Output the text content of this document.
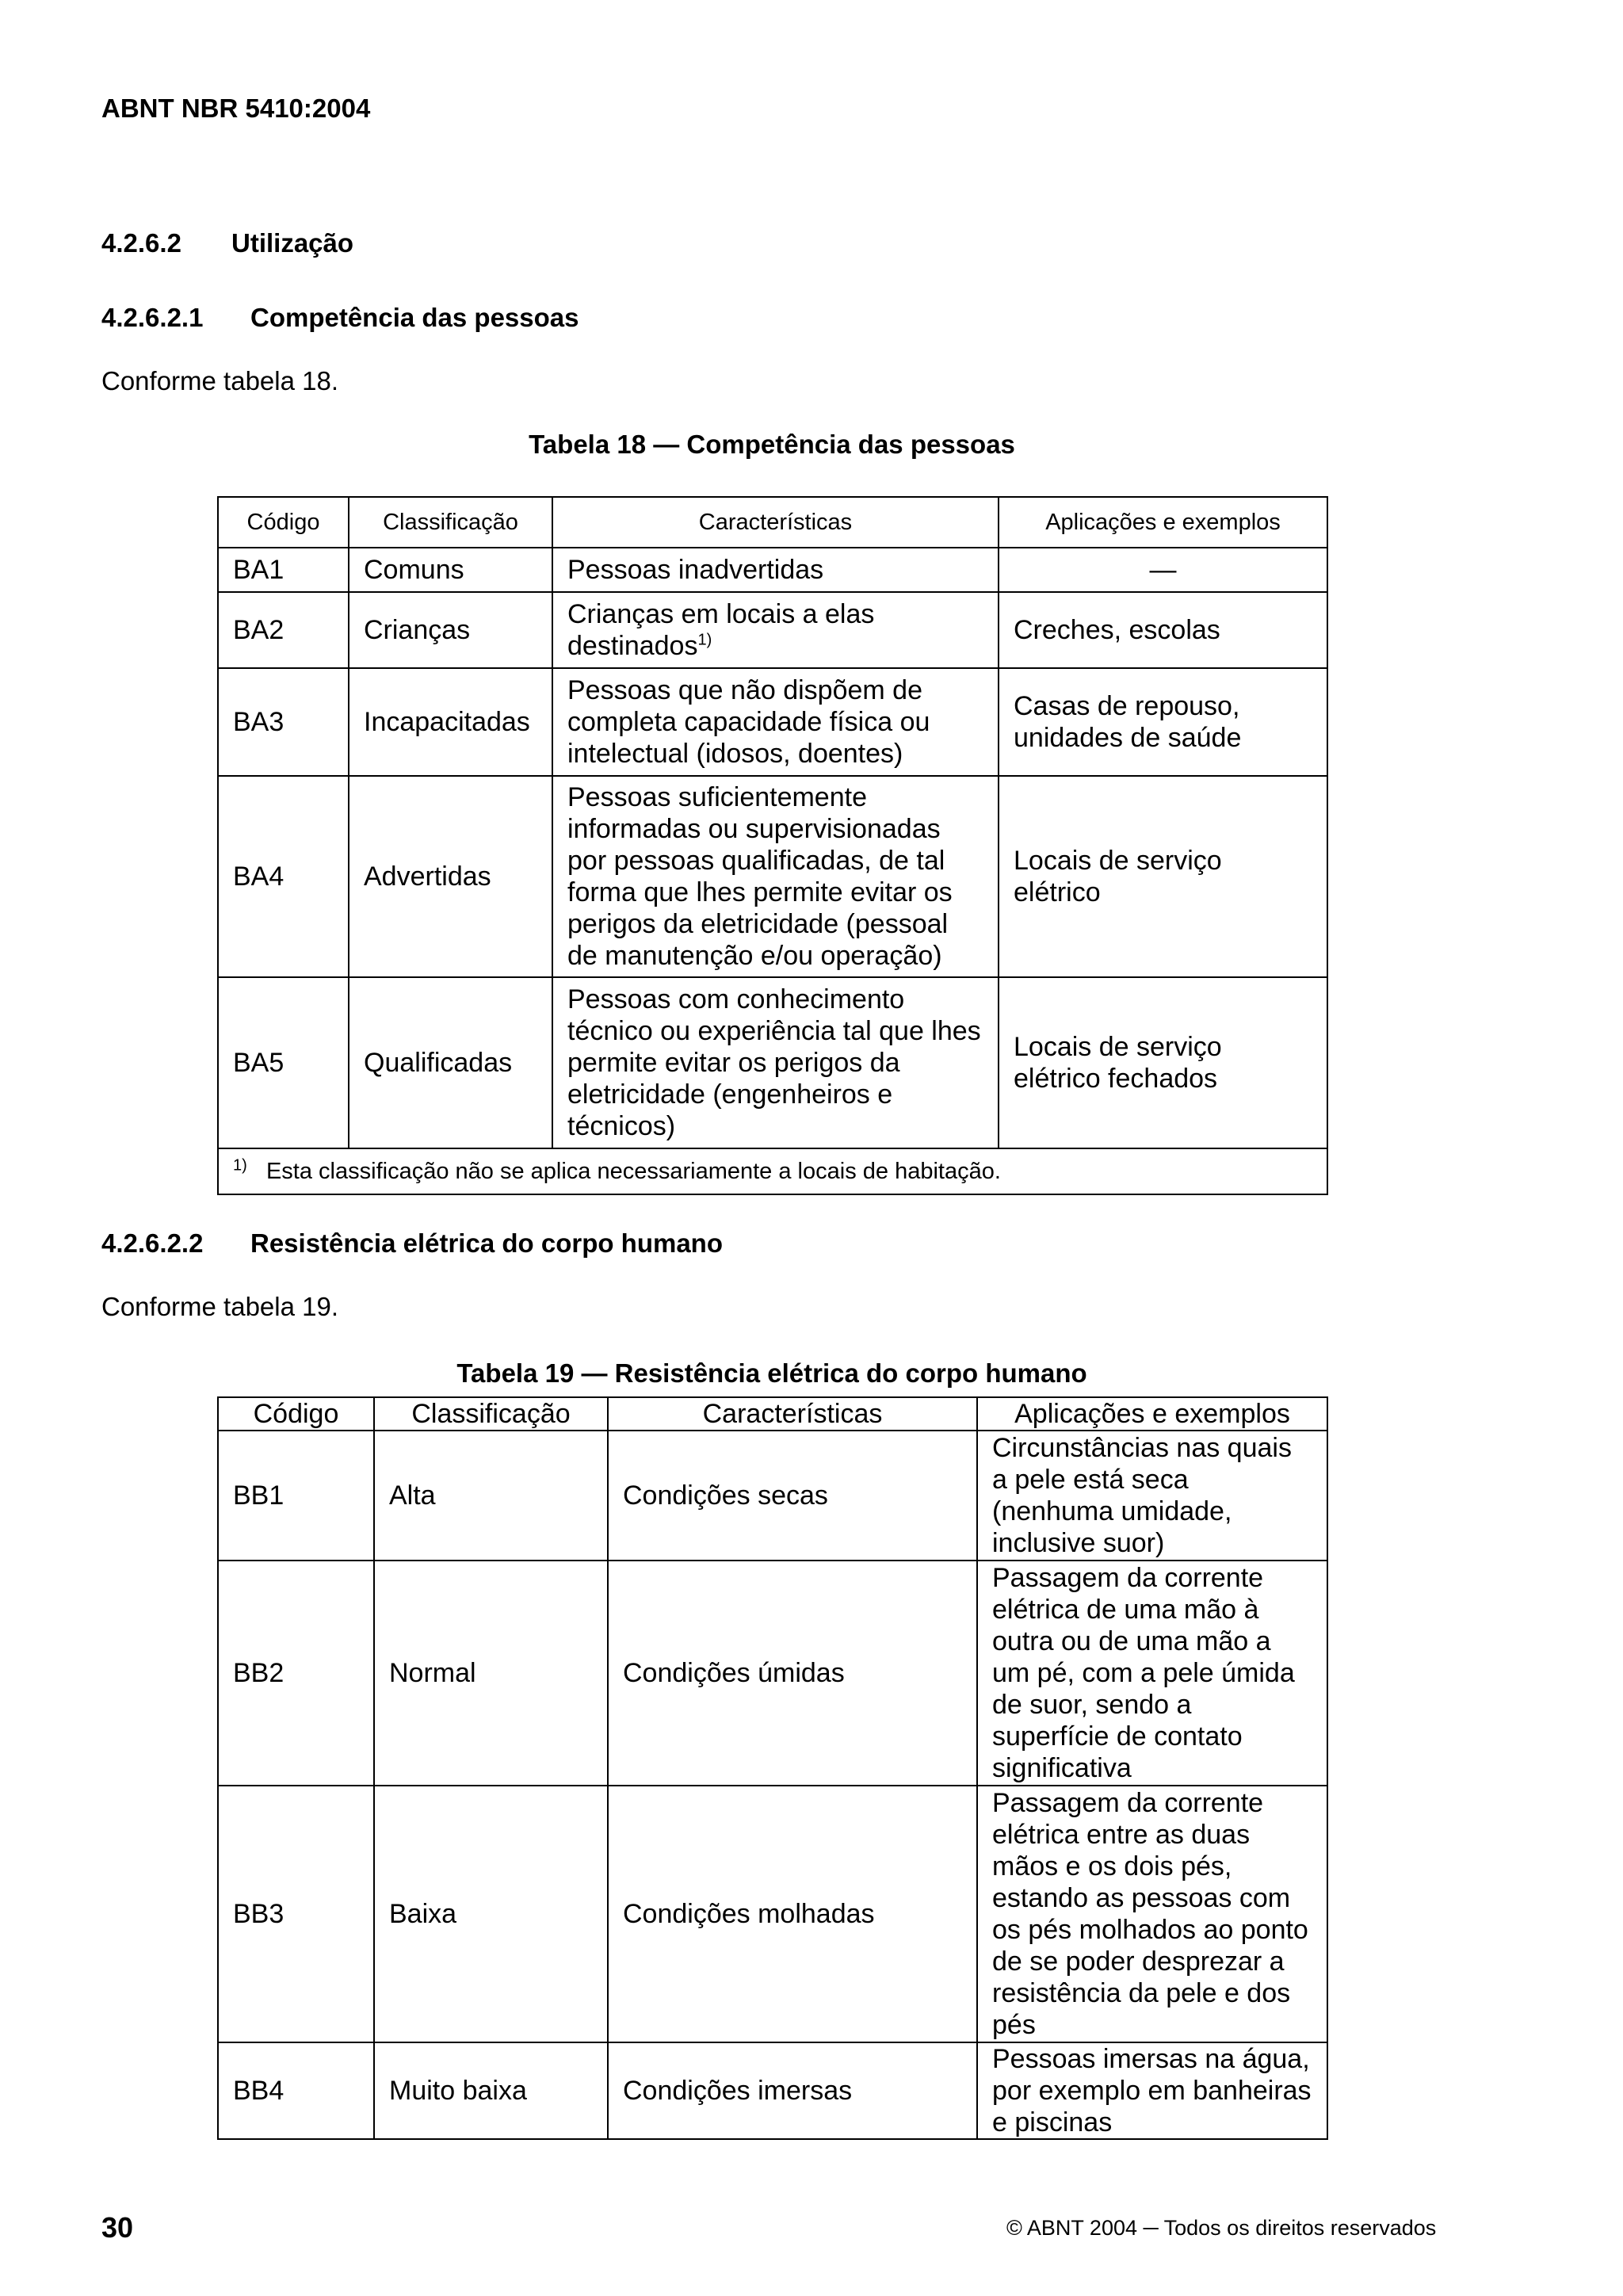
ABNT NBR 5410:2004
4.2.6.2 Utilização
4.2.6.2.1 Competência das pessoas
Conforme tabela 18.
Tabela 18 — Competência das pessoas
Código	Classificação	Características	Aplicações e exemplos
BA1	Comuns	Pessoas inadvertidas	—
BA2	Crianças	Crianças em locais a elas destinados$^{1)}$	Creches, escolas
BA3	Incapacitadas	Pessoas que não dispõem de completa capacidade física ou intelectual (idosos, doentes)	Casas de repouso, unidades de saúde
BA4	Advertidas	Pessoas suficientemente informadas ou supervisionadas por pessoas qualificadas, de tal forma que lhes permite evitar os perigos da eletricidade (pessoal de manutenção e/ou operação)	Locais de serviço elétrico
BA5	Qualificadas	Pessoas com conhecimento técnico ou experiência tal que lhes permite evitar os perigos da eletricidade (engenheiros e técnicos)	Locais de serviço elétrico fechados
$^{1)}$ Esta classificação não se aplica necessariamente a locais de habitação.			
4.2.6.2.2 Resistência elétrica do corpo humano
Conforme tabela 19.
Tabela 19 — Resistência elétrica do corpo humano
Código	Classificação	Características	Aplicações e exemplos
BB1	Alta	Condições secas	Circunstâncias nas quais a pele está seca (nenhuma umidade, inclusive suor)
BB2	Normal	Condições úmidas	Passagem da corrente elétrica de uma mão à outra ou de uma mão a um pé, com a pele úmida de suor, sendo a superfície de contato significativa
BB3	Baixa	Condições molhadas	Passagem da corrente elétrica entre as duas mãos e os dois pés, estando as pessoas com os pés molhados ao ponto de se poder desprezar a resistência da pele e dos pés
BB4	Muito baixa	Condições imersas	Pessoas imersas na água, por exemplo em banheiras e piscinas
30	© ABNT 2004 ─ Todos os direitos reservados
